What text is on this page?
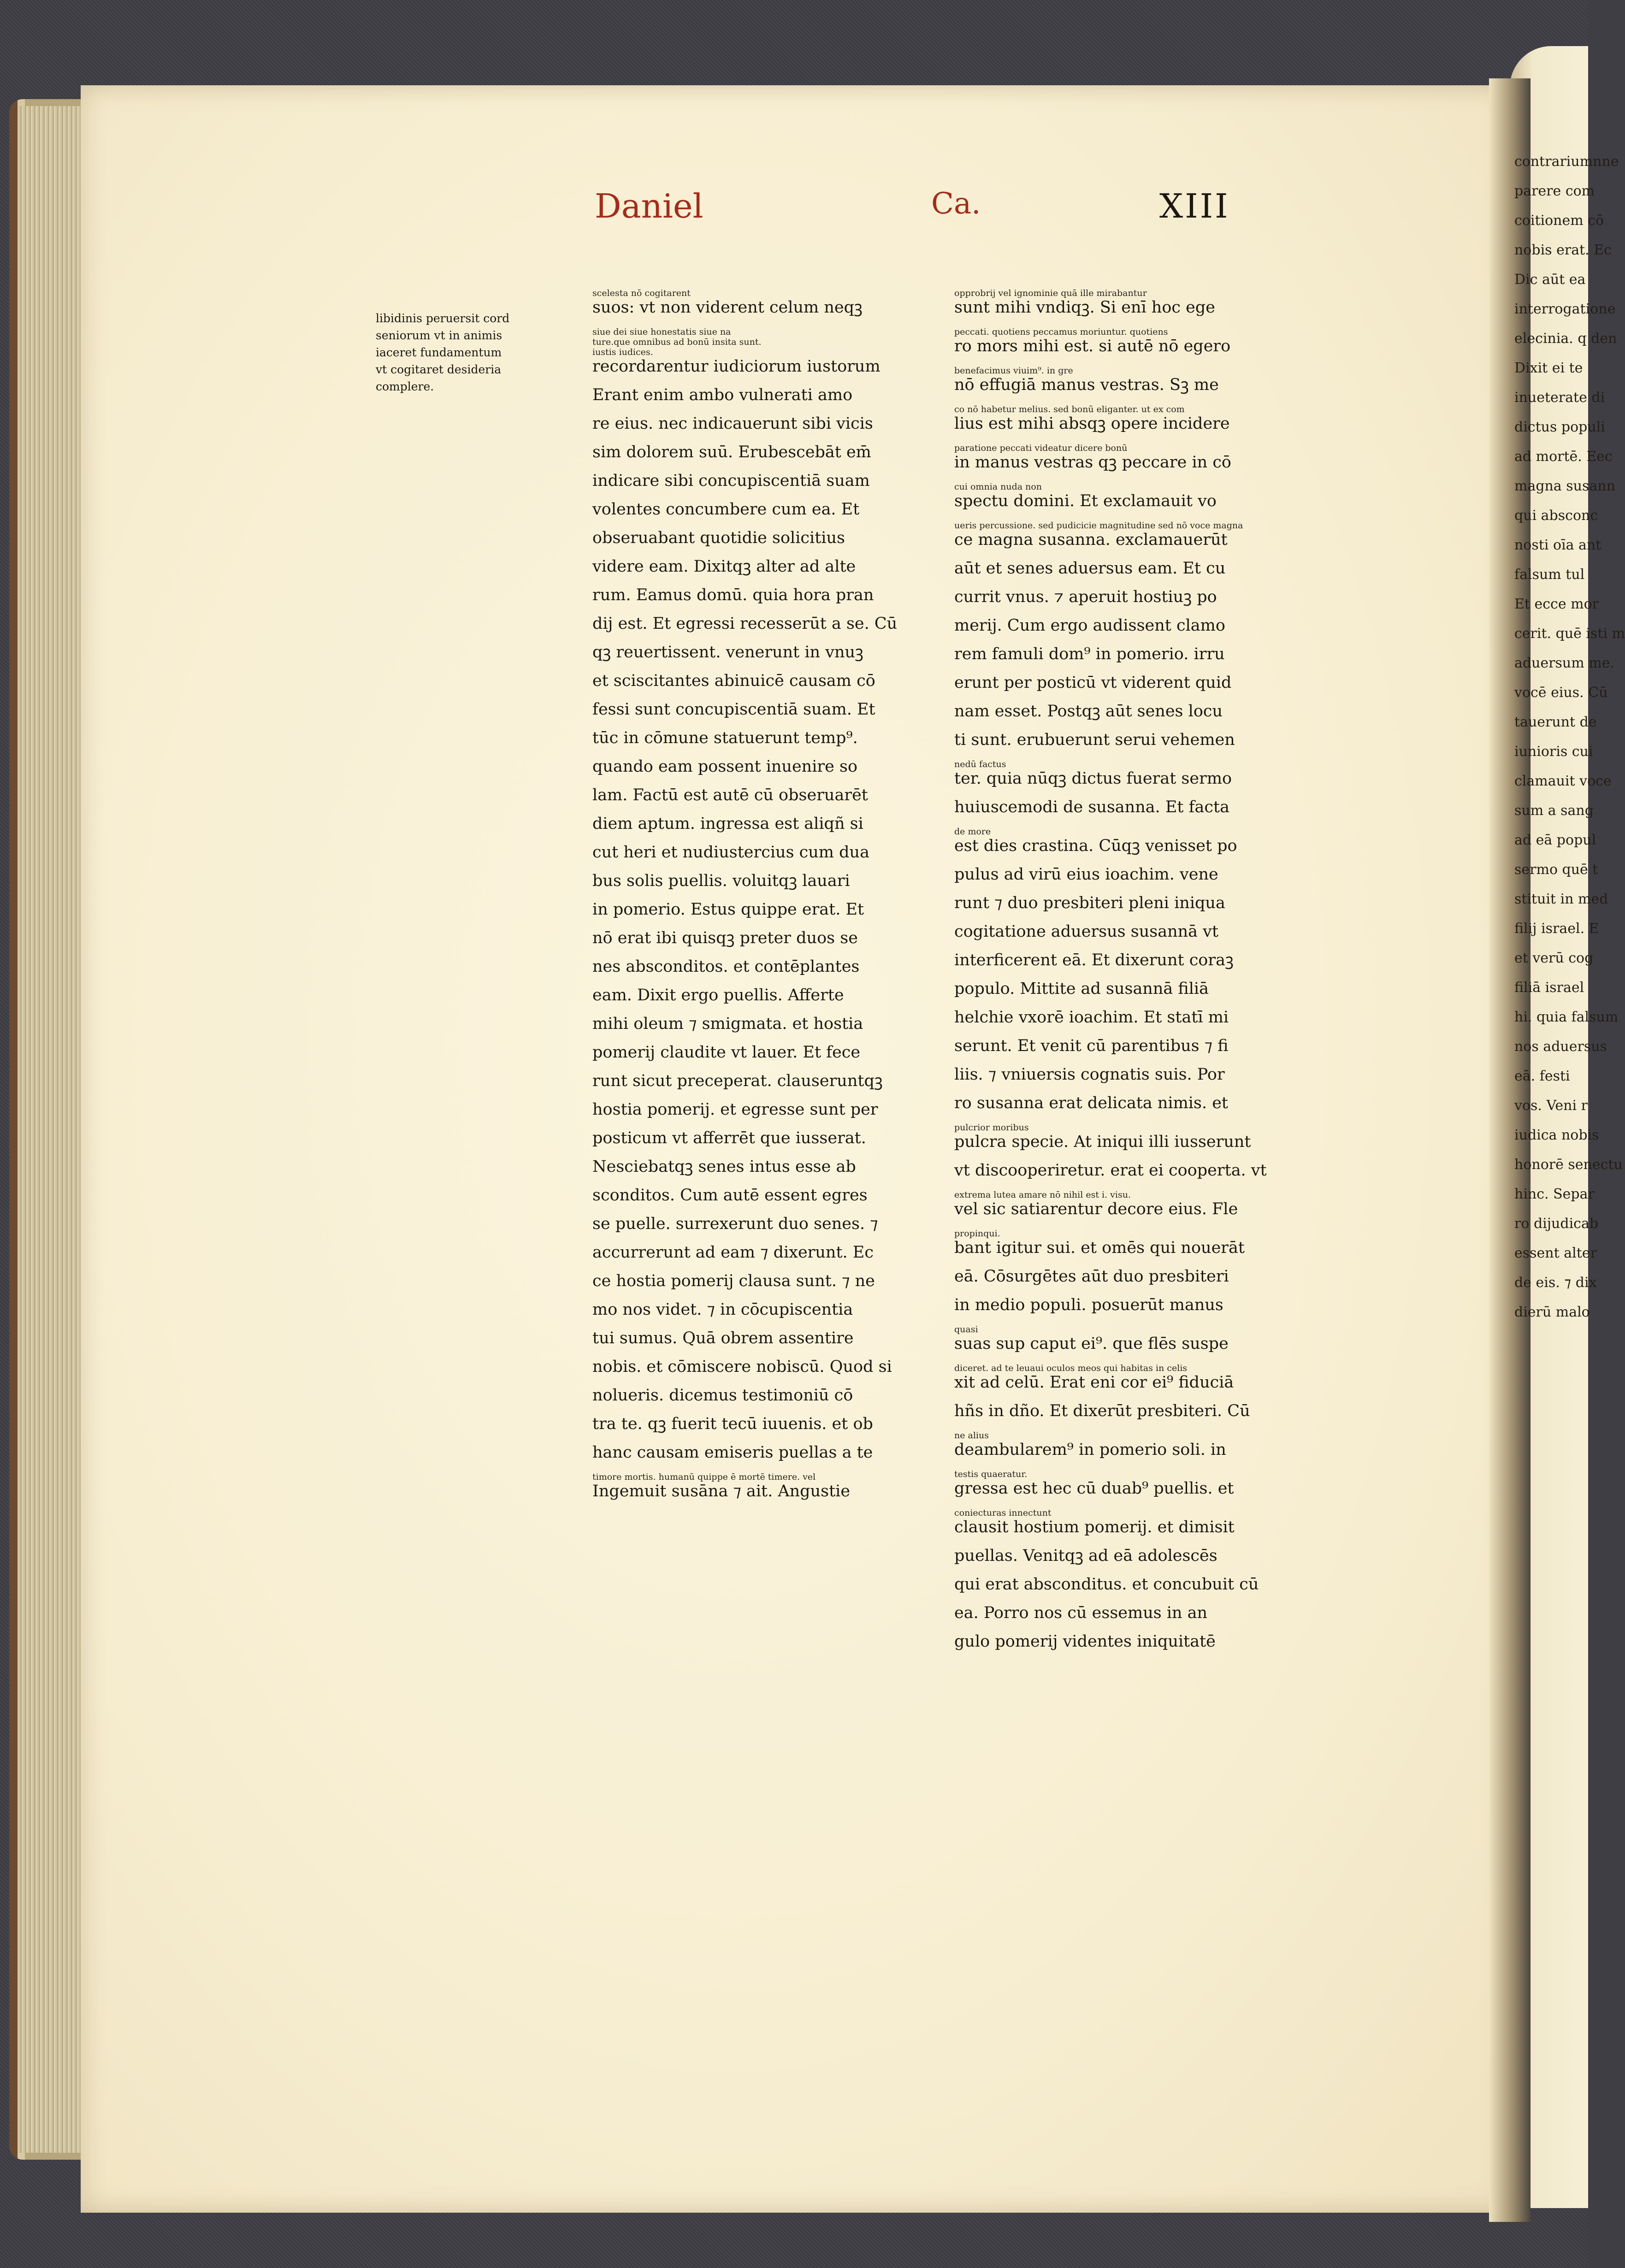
Daniel	Ca.	XIII
libidinis peruersit cord
seniorum vt in animis
iaceret fundamentum
vt cogitaret desideria
complere.
scelesta nō cogitarent
suos: vt non viderent celum neqꝫ
siue dei siue honestatis siue na
ture.que omnibus ad bonū insita sunt.
iustis iudices.
recordarentur iudiciorum iustorum
Erant enim ambo vulnerati amo
re eius. nec indicauerunt sibi vicis
sim dolorem suū. Erubescebāt em̄
indicare sibi concupiscentiā suam
volentes concumbere cum ea. Et
obseruabant quotidie solicitius
videre eam. Dixitqꝫ alter ad alte
rum. Eamus domū. quia hora pran
dij est. Et egressi recesserūt a se. Cū
qꝫ reuertissent. venerunt in vnuꝫ
et sciscitantes abinuicē causam cō
fessi sunt concupiscentiā suam. Et
tūc in cōmune statuerunt temp⁹.
quando eam possent inuenire so
lam. Factū est autē cū obseruarēt
diem aptum. ingressa est aliqñ si
cut heri et nudiustercius cum dua
bus solis puellis. voluitqꝫ lauari
in pomerio. Estus quippe erat. Et
nō erat ibi quisqꝫ preter duos se
nes absconditos. et contēplantes
eam. Dixit ergo puellis. Afferte
mihi oleum ⁊ smigmata. et hostia
pomerij claudite vt lauer. Et fece
runt sicut preceperat. clauseruntqꝫ
hostia pomerij. et egresse sunt per
posticum vt afferrēt que iusserat.
Nesciebatqꝫ senes intus esse ab
sconditos. Cum autē essent egres
se puelle. surrexerunt duo senes. ⁊
accurrerunt ad eam ⁊ dixerunt. Ec
ce hostia pomerij clausa sunt. ⁊ ne
mo nos videt. ⁊ in cōcupiscentia
tui sumus. Quā obrem assentire
nobis. et cōmiscere nobiscū. Quod si
nolueris. dicemus testimoniū cō
tra te. qꝫ fuerit tecū iuuenis. et ob
hanc causam emiseris puellas a te
timore mortis. humanū quippe ē mortē timere. vel
Ingemuit susāna ⁊ ait. Angustie
opprobrij vel ignominie quā ille mirabantur
sunt mihi vndiqꝫ. Si enī hoc ege
peccati. quotiens peccamus moriuntur. quotiens
ro mors mihi est. si autē nō egero
benefacimus viuim⁹. in gre
nō effugiā manus vestras. Sꝫ me
co nō habetur melius. sed bonū eliganter. ut ex com
lius est mihi absqꝫ opere incidere
paratione peccati videatur dicere bonū
in manus vestras qꝫ peccare in cō
cui omnia nuda non
spectu domini. Et exclamauit vo
ueris percussione. sed pudicicie magnitudine sed nō voce magna
ce magna susanna. exclamauerūt
aūt et senes aduersus eam. Et cu
currit vnus. ⁊ aperuit hostiuꝫ po
merij. Cum ergo audissent clamo
rem famuli dom⁹ in pomerio. irru
erunt per posticū vt viderent quid
nam esset. Postqꝫ aūt senes locu
ti sunt. erubuerunt serui vehemen
nedū factus
ter. quia nūqꝫ dictus fuerat sermo
huiuscemodi de susanna. Et facta
de more
est dies crastina. Cūqꝫ venisset po
pulus ad virū eius ioachim. vene
runt ⁊ duo presbiteri pleni iniqua
cogitatione aduersus susannā vt
interficerent eā. Et dixerunt coraꝫ
populo. Mittite ad susannā filiā
helchie vxorē ioachim. Et statī mi
serunt. Et venit cū parentibus ⁊ fi
liis. ⁊ vniuersis cognatis suis. Por
ro susanna erat delicata nimis. et
pulcrior moribus
pulcra specie. At iniqui illi iusserunt
vt discooperiretur. erat ei cooperta. vt
extrema lutea amare nō nihil est i. visu.
vel sic satiarentur decore eius. Fle
propinqui.
bant igitur sui. et omēs qui nouerāt
eā. Cōsurgētes aūt duo presbiteri
in medio populi. posuerūt manus
quasi
suas sup caput ei⁹. que flēs suspe
diceret. ad te leuaui oculos meos qui habitas in celis
xit ad celū. Erat eni cor ei⁹ fiduciā
hñs in dño. Et dixerūt presbiteri. Cū
ne alius
deambularem⁹ in pomerio soli. in
testis quaeratur.
gressa est hec cū duab⁹ puellis. et
coniecturas innectunt
clausit hostium pomerij. et dimisit
puellas. Venitqꝫ ad eā adolescēs
qui erat absconditus. et concubuit cū
ea. Porro nos cū essemus in an
gulo pomerij videntes iniquitatē
contrariumnne
parere com
coitionem cō
nobis erat. Ec
Dic aūt ea
interrogatione
elecinia. q den
Dixit ei te
inueterate di
dictus populi
ad mortē. Eec
magna susann
qui absconc
nosti oīa ant
falsum tul
Et ecce mor
cerit. quē isti m
aduersum me.
vocē eius. Cū
tauerunt de
iunioris cui
clamauit voce
sum a sang
ad eā popul
sermo quē t
stituit in med
filij israel. E
et verū cog
filiā israel
hi. quia falsum
nos aduersus
eā. festi
vos. Veni r
iudica nobis
honorē senectu
hinc. Separ
ro dijudicab
essent alter
de eis. ⁊ dix
dierū malo
